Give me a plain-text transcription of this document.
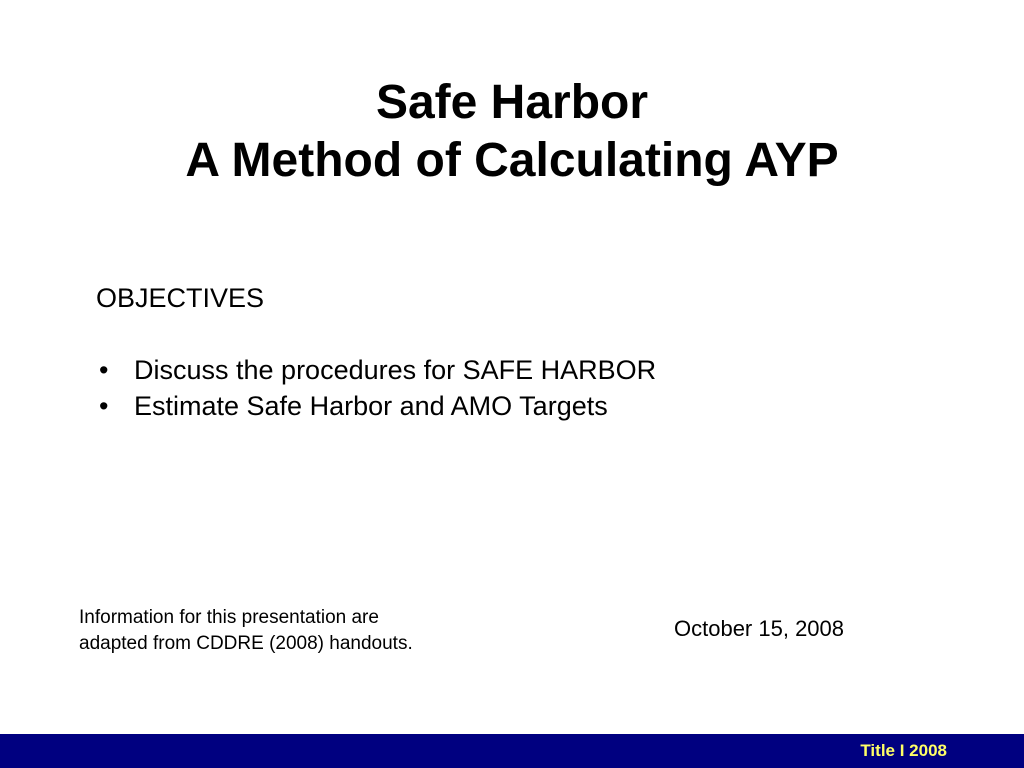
Safe Harbor
A Method of Calculating AYP

OBJECTIVES

• Discuss the procedures for SAFE HARBOR
• Estimate Safe Harbor and AMO Targets
Information for this presentation are
adapted from CDDRE (2008) handouts.
October 15, 2008
Title I 2008
